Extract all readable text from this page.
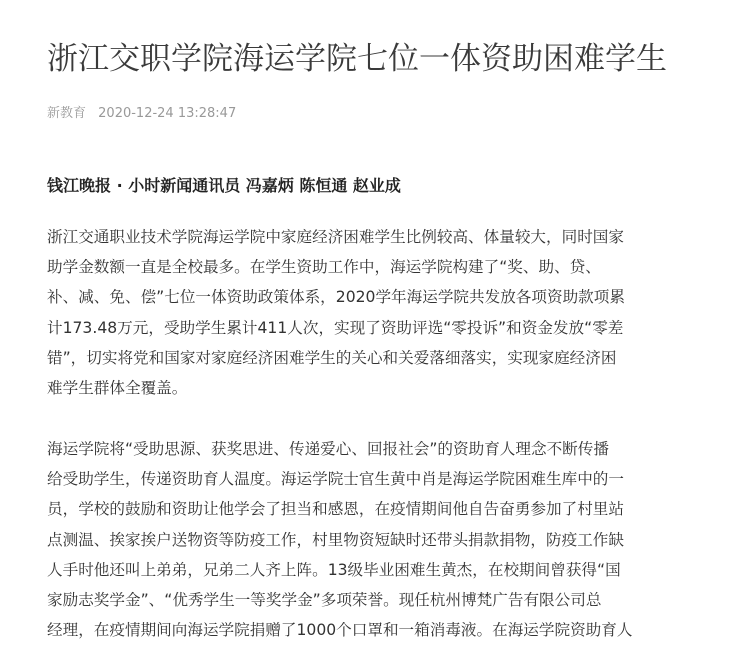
浙江交职学院海运学院七位一体资助困难学生
新教育 2020-12-24 13:28:47
钱江晚报 · 小时新闻通讯员 冯嘉炳 陈恒通 赵业成

浙江交通职业技术学院海运学院中家庭经济困难学生比例较高、体量较大，同时国家
助学金数额一直是全校最多。在学生资助工作中，海运学院构建了“奖、助、贷、
补、减、免、偿”七位一体资助政策体系，2020学年海运学院共发放各项资助款项累
计173.48万元，受助学生累计411人次，实现了资助评选“零投诉”和资金发放“零差
错”，切实将党和国家对家庭经济困难学生的关心和关爱落细落实，实现家庭经济困
难学生群体全覆盖。

海运学院将“受助思源、获奖思进、传递爱心、回报社会”的资助育人理念不断传播
给受助学生，传递资助育人温度。海运学院士官生黄中肖是海运学院困难生库中的一
员，学校的鼓励和资助让他学会了担当和感恩，在疫情期间他自告奋勇参加了村里站
点测温、挨家挨户送物资等防疫工作，村里物资短缺时还带头捐款捐物，防疫工作缺
人手时他还叫上弟弟，兄弟二人齐上阵。13级毕业困难生黄杰，在校期间曾获得“国
家励志奖学金”、“优秀学生一等奖学金”多项荣誉。现任杭州博梵广告有限公司总
经理，在疫情期间向海运学院捐赠了1000个口罩和一箱消毒液。在海运学院资助育人
